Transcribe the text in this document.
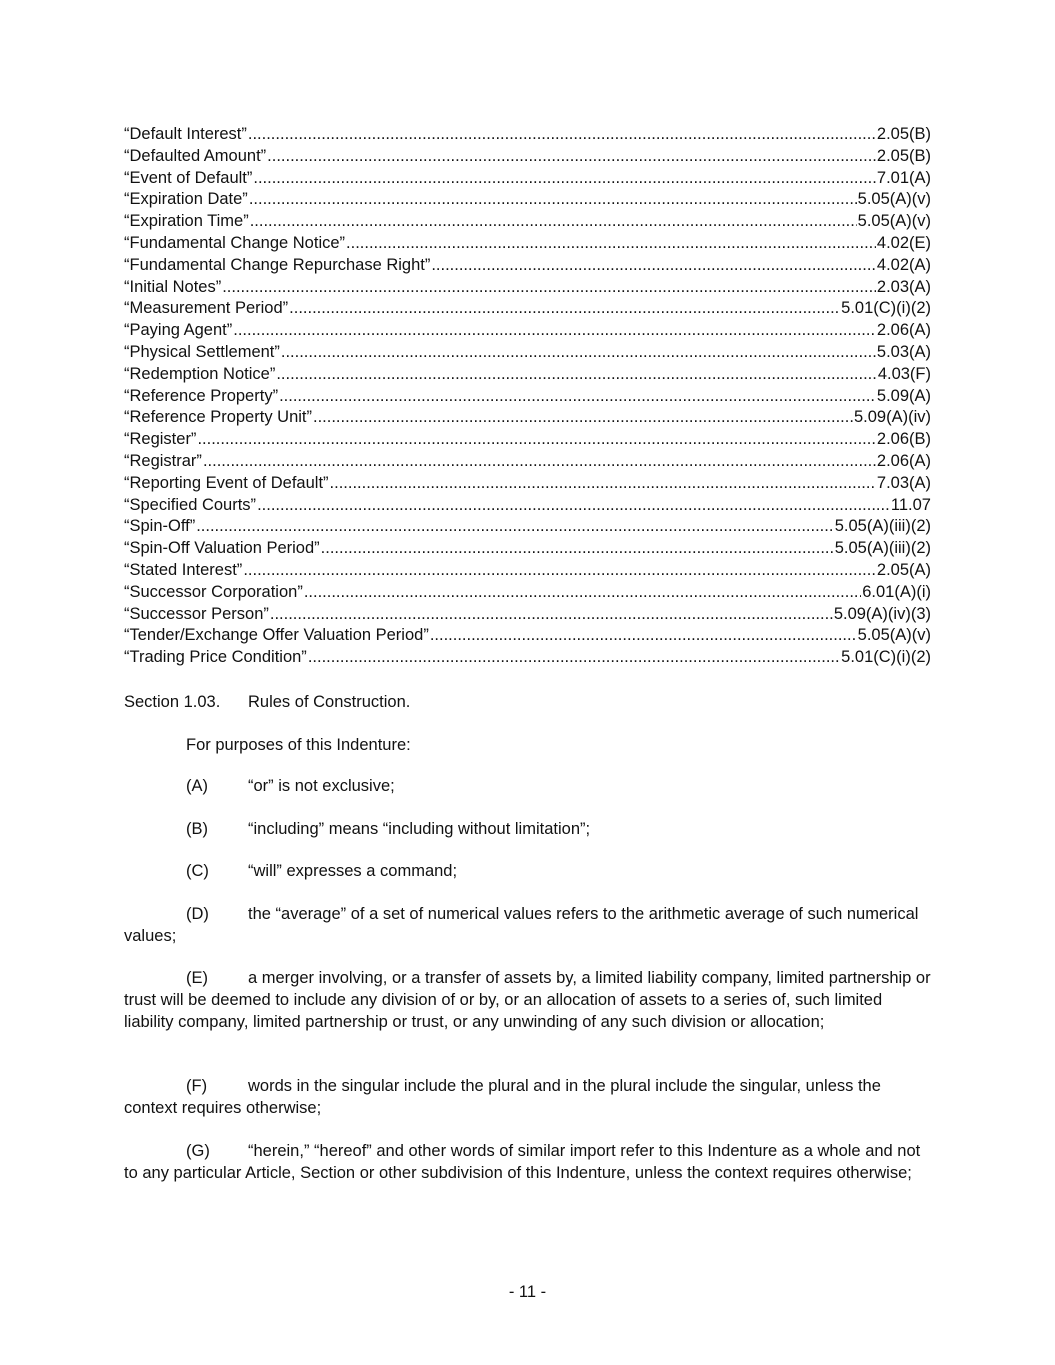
“Default Interest” .....	2.05(B)
“Defaulted Amount” .....	2.05(B)
“Event of Default” .....	7.01(A)
“Expiration Date” .....	5.05(A)(v)
“Expiration Time” .....	5.05(A)(v)
“Fundamental Change Notice” .....	4.02(E)
“Fundamental Change Repurchase Right” .....	4.02(A)
“Initial Notes” .....	2.03(A)
“Measurement Period” .....	5.01(C)(i)(2)
“Paying Agent” .....	2.06(A)
“Physical Settlement” .....	5.03(A)
“Redemption Notice” .....	4.03(F)
“Reference Property” .....	5.09(A)
“Reference Property Unit” .....	5.09(A)(iv)
“Register” .....	2.06(B)
“Registrar” .....	2.06(A)
“Reporting Event of Default” .....	7.03(A)
“Specified Courts” .....	11.07
“Spin-Off” .....	5.05(A)(iii)(2)
“Spin-Off Valuation Period” .....	5.05(A)(iii)(2)
“Stated Interest” .....	2.05(A)
“Successor Corporation” .....	6.01(A)(i)
“Successor Person” .....	5.09(A)(iv)(3)
“Tender/Exchange Offer Valuation Period” .....	5.05(A)(v)
“Trading Price Condition” .....	5.01(C)(i)(2)
Section 1.03. Rules of Construction.
For purposes of this Indenture:
(A) “or” is not exclusive;
(B) “including” means “including without limitation”;
(C) “will” expresses a command;
(D) the “average” of a set of numerical values refers to the arithmetic average of such numerical values;
(E) a merger involving, or a transfer of assets by, a limited liability company, limited partnership or trust will be deemed to include any division of or by, or an allocation of assets to a series of, such limited liability company, limited partnership or trust, or any unwinding of any such division or allocation;
(F) words in the singular include the plural and in the plural include the singular, unless the context requires otherwise;
(G) “herein,” “hereof” and other words of similar import refer to this Indenture as a whole and not to any particular Article, Section or other subdivision of this Indenture, unless the context requires otherwise;
- 11 -
